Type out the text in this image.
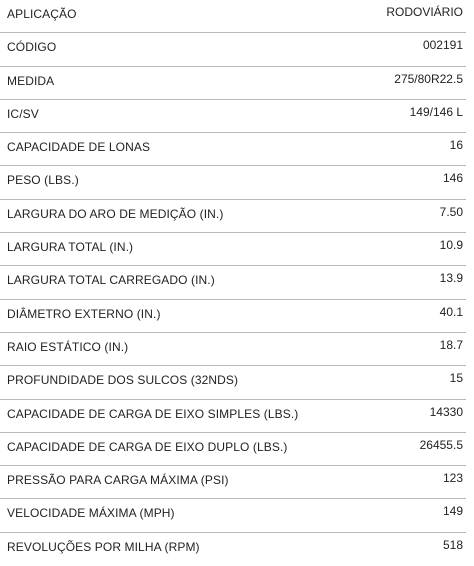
APLICAÇÃO	RODOVIÁRIO
CÓDIGO	002191
MEDIDA	275/80R22.5
IC/SV	149/146 L
CAPACIDADE DE LONAS	16
PESO (LBS.)	146
LARGURA DO ARO DE MEDIÇÃO (IN.)	7.50
LARGURA TOTAL (IN.)	10.9
LARGURA TOTAL CARREGADO (IN.)	13.9
DIÂMETRO EXTERNO (IN.)	40.1
RAIO ESTÁTICO (IN.)	18.7
PROFUNDIDADE DOS SULCOS (32NDS)	15
CAPACIDADE DE CARGA DE EIXO SIMPLES (LBS.)	14330
CAPACIDADE DE CARGA DE EIXO DUPLO (LBS.)	26455.5
PRESSÃO PARA CARGA MÁXIMA (PSI)	123
VELOCIDADE MÁXIMA (MPH)	149
REVOLUÇÕES POR MILHA (RPM)	518
